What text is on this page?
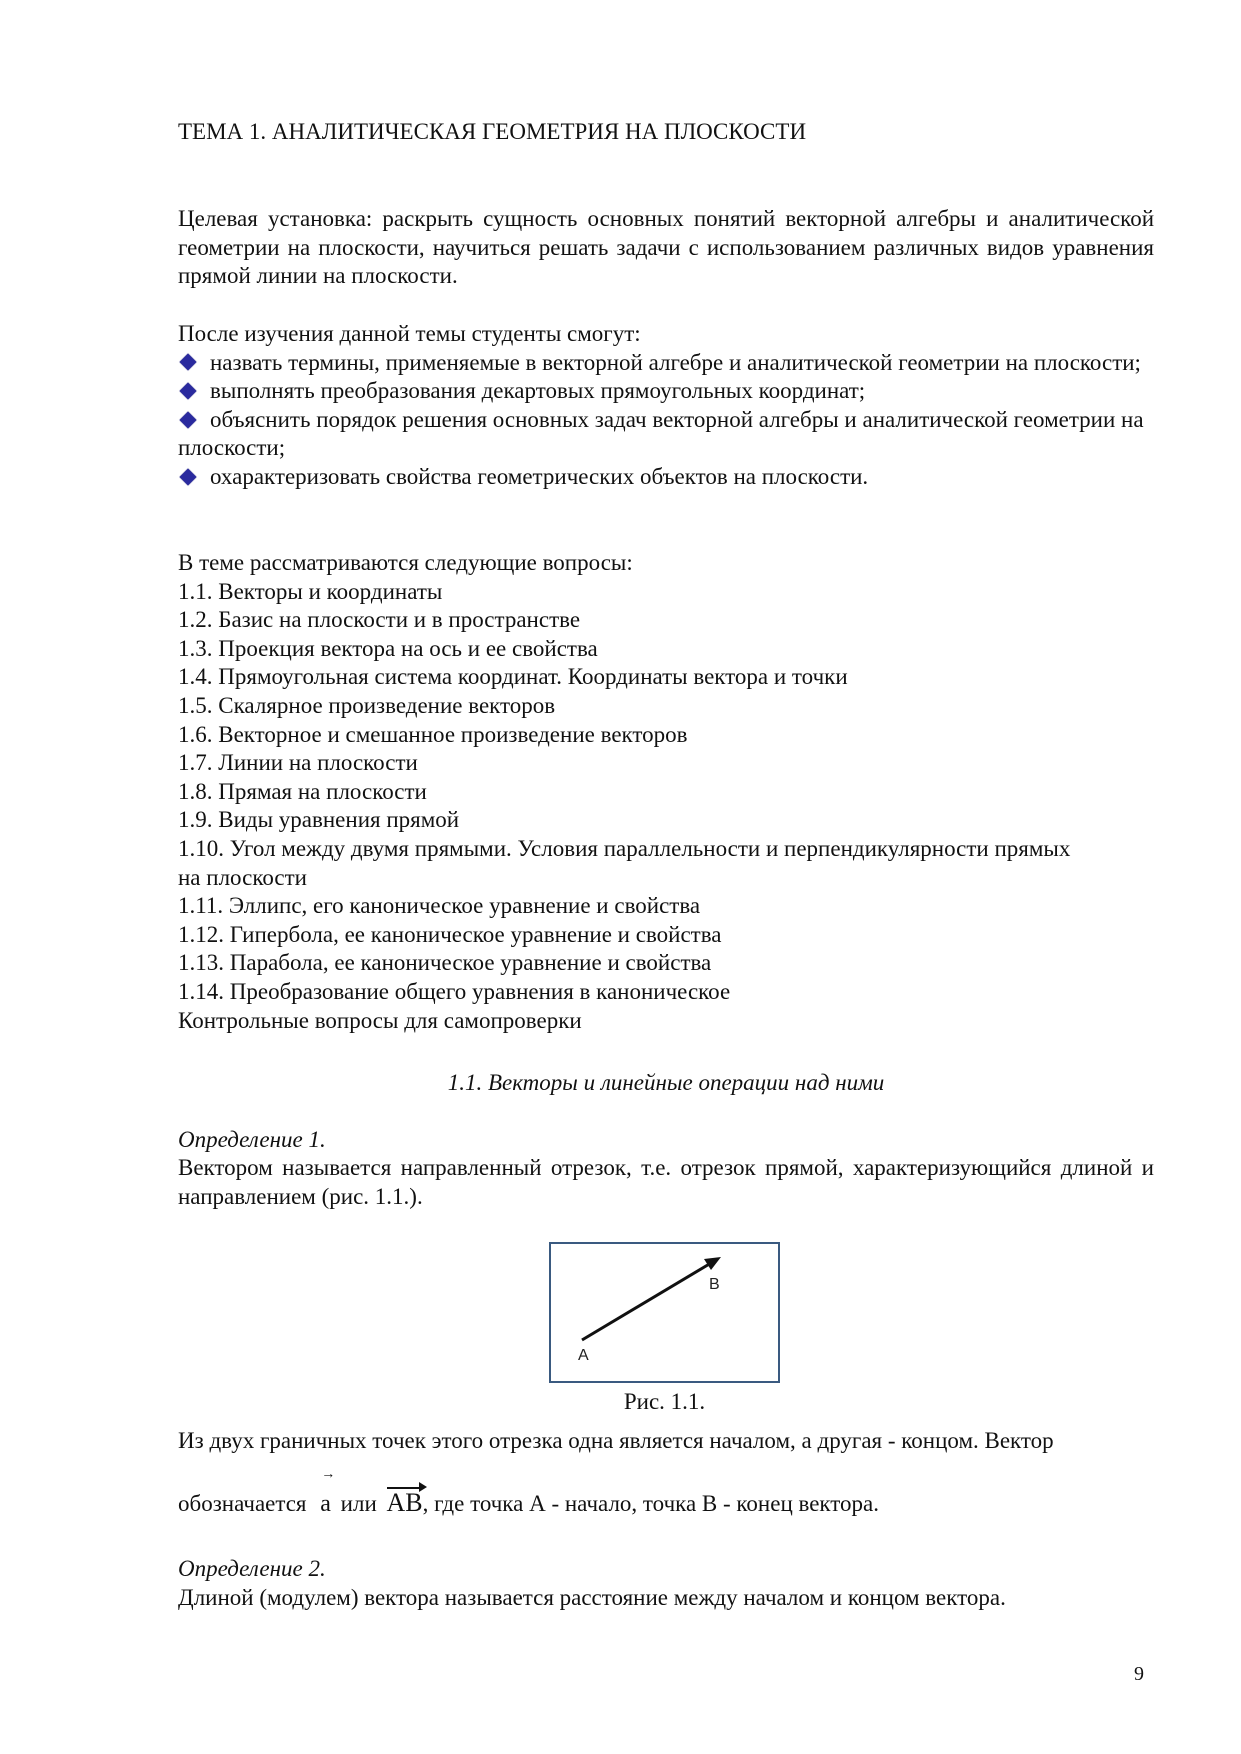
ТЕМА 1. АНАЛИТИЧЕСКАЯ ГЕОМЕТРИЯ НА ПЛОСКОСТИ
Целевая установка: раскрыть сущность основных понятий векторной алгебры и аналитической геометрии на плоскости, научиться решать задачи с использованием различных видов уравнения прямой линии на плоскости.
После изучения данной темы студенты смогут:
назвать термины, применяемые в векторной алгебре и аналитической геометрии на плоскости;
выполнять преобразования декартовых прямоугольных координат;
объяснить порядок решения основных задач векторной алгебры и аналитической геометрии на плоскости;
охарактеризовать свойства геометрических объектов на плоскости.
В теме рассматриваются следующие вопросы:
1.1. Векторы и координаты
1.2. Базис на плоскости и в пространстве
1.3. Проекция вектора на ось и ее свойства
1.4. Прямоугольная система координат. Координаты вектора и точки
1.5. Скалярное произведение векторов
1.6. Векторное и смешанное произведение векторов
1.7. Линии на плоскости
1.8. Прямая на плоскости
1.9. Виды уравнения прямой
1.10. Угол между двумя прямыми. Условия параллельности и перпендикулярности прямых на плоскости
1.11. Эллипс, его каноническое уравнение и свойства
1.12. Гипербола, ее каноническое уравнение и свойства
1.13. Парабола, ее каноническое уравнение и свойства
1.14. Преобразование общего уравнения в каноническое
Контрольные вопросы для самопроверки
1.1. Векторы и линейные операции над ними
Определение 1.
Вектором называется направленный отрезок, т.е. отрезок прямой, характеризующийся длиной и направлением (рис. 1.1.).
A
B
Рис. 1.1.
Из двух граничных точек этого отрезка одна является началом, а другая - концом. Вектор
обозначается
→
a или AB, где точка А - начало, точка В - конец вектора.
Определение 2.
Длиной (модулем) вектора называется расстояние между началом и концом вектора.
9
